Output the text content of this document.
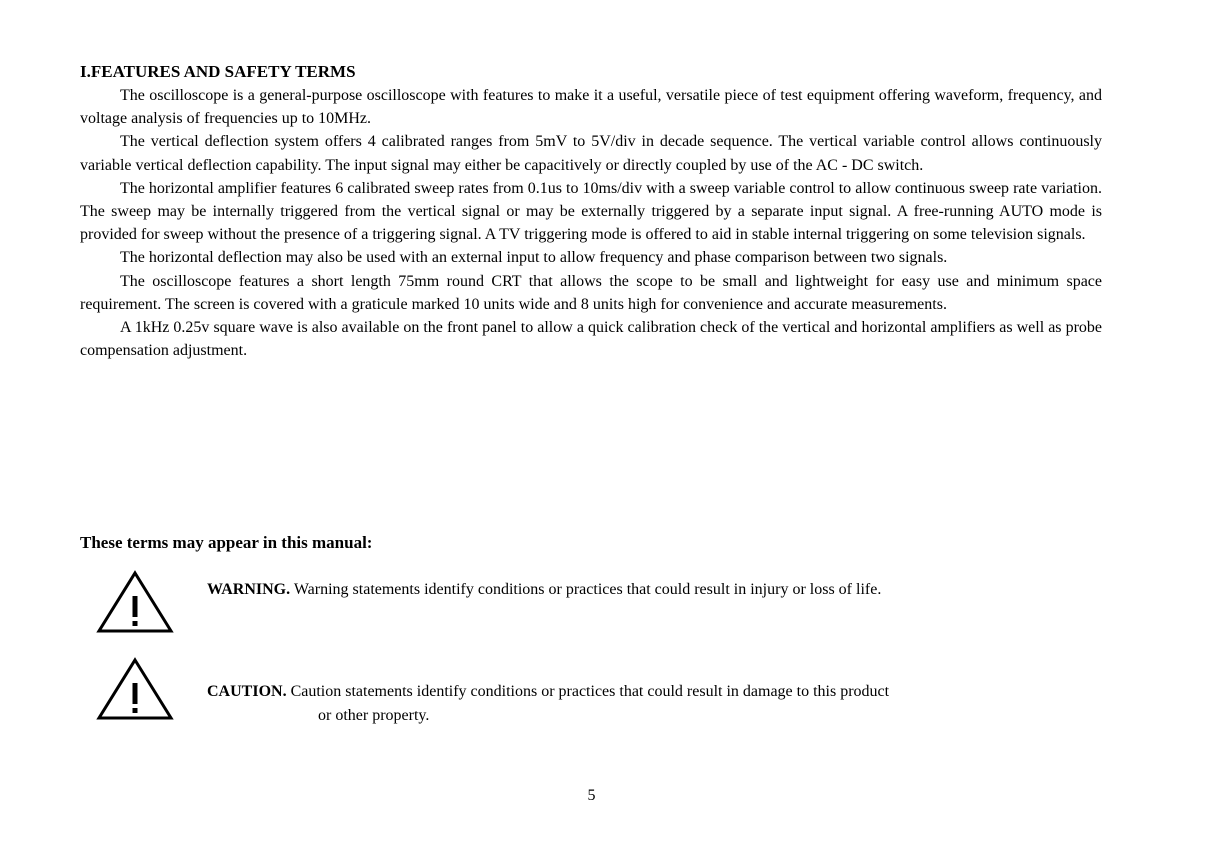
I.FEATURES AND SAFETY TERMS

The oscilloscope is a general-purpose oscilloscope with features to make it a useful, versatile piece of test equipment offering waveform, frequency, and voltage analysis of frequencies up to 10MHz.

The vertical deflection system offers 4 calibrated ranges from 5mV to 5V/div in decade sequence. The vertical variable control allows continuously variable vertical deflection capability. The input signal may either be capacitively or directly coupled by use of the AC - DC switch.

The horizontal amplifier features 6 calibrated sweep rates from 0.1us to 10ms/div with a sweep variable control to allow continuous sweep rate variation. The sweep may be internally triggered from the vertical signal or may be externally triggered by a separate input signal. A free-running AUTO mode is provided for sweep without the presence of a triggering signal. A TV triggering mode is offered to aid in stable internal triggering on some television signals.

The horizontal deflection may also be used with an external input to allow frequency and phase comparison between two signals.

The oscilloscope features a short length 75mm round CRT that allows the scope to be small and lightweight for easy use and minimum space requirement. The screen is covered with a graticule marked 10 units wide and 8 units high for convenience and accurate measurements.

A 1kHz 0.25v square wave is also available on the front panel to allow a quick calibration check of the vertical and horizontal amplifiers as well as probe compensation adjustment.

These terms may appear in this manual:
WARNING. Warning statements identify conditions or practices that could result in injury or loss of life.
CAUTION. Caution statements identify conditions or practices that could result in damage to this product
or other property.
5
